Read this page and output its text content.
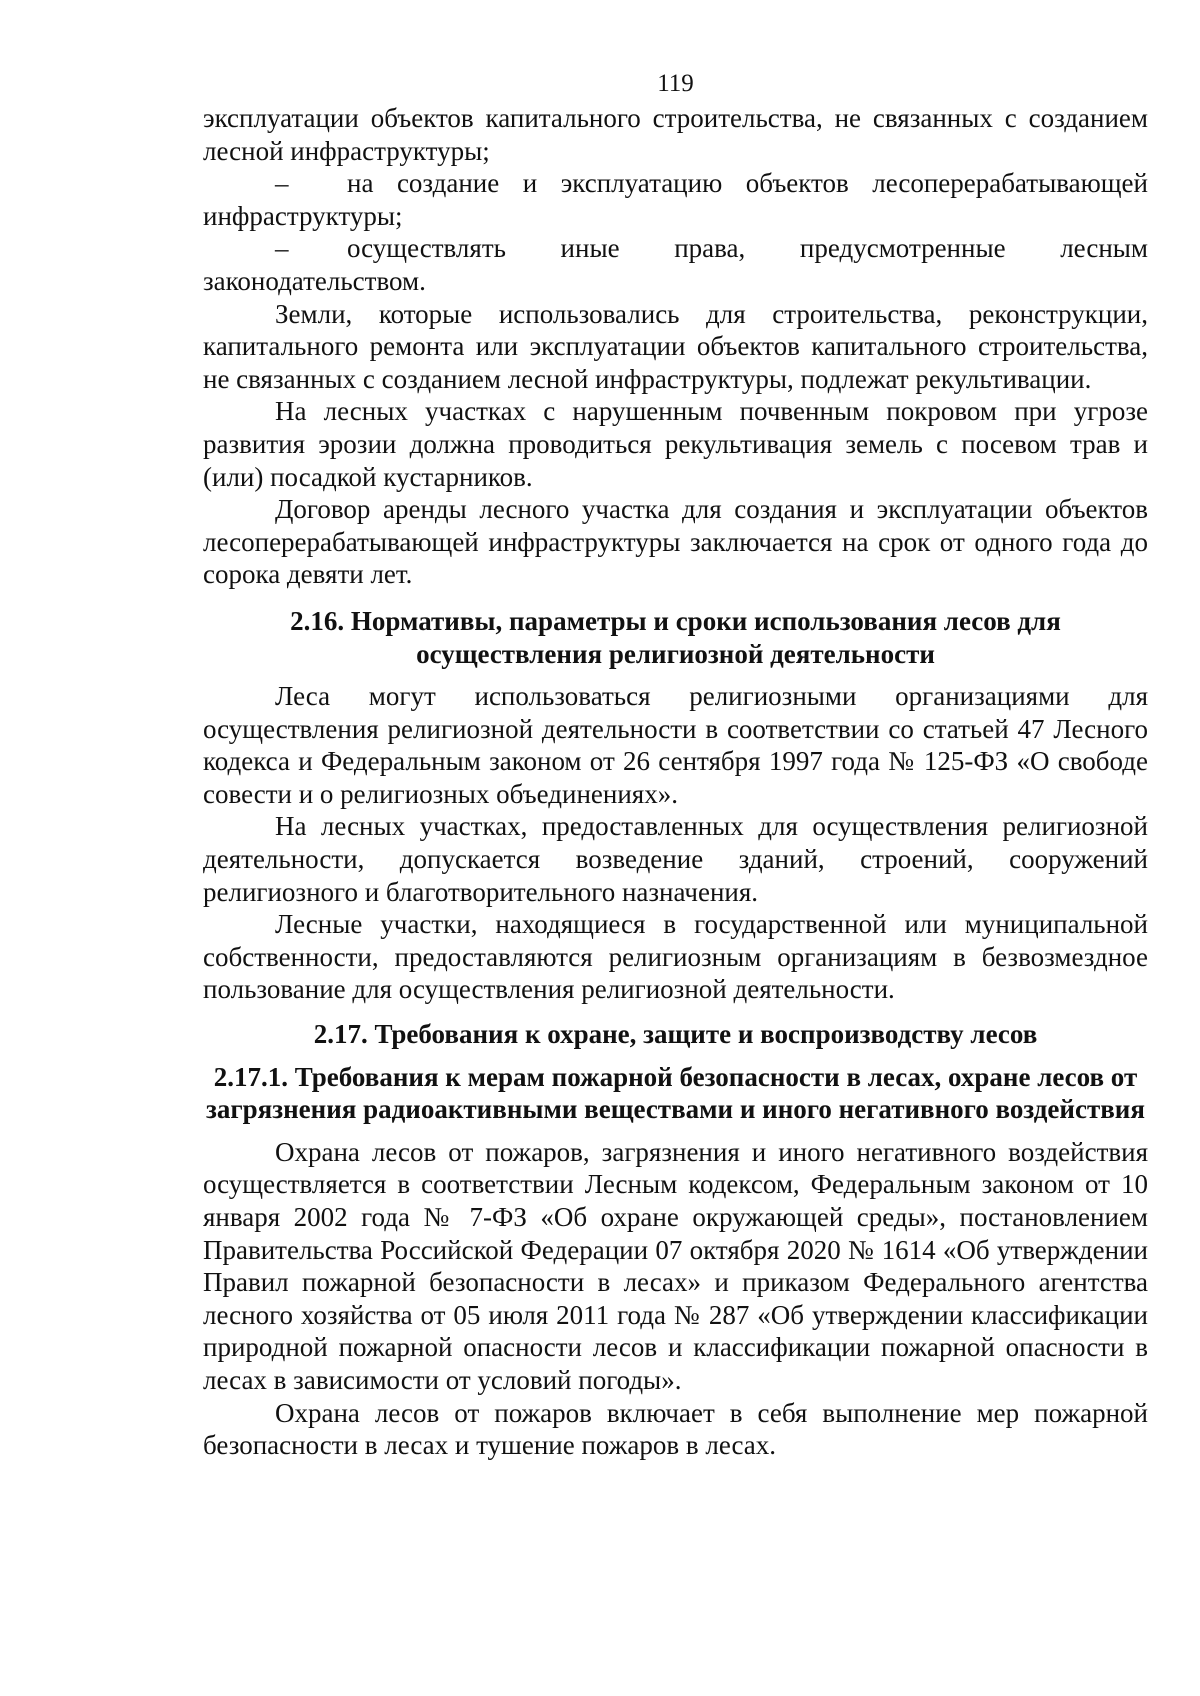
119

эксплуатации объектов капитального строительства, не связанных с созданием лесной инфраструктуры;

– на создание и эксплуатацию объектов лесоперерабатывающей инфраструктуры;

– осуществлять иные права, предусмотренные лесным законодательством.

Земли, которые использовались для строительства, реконструкции, капитального ремонта или эксплуатации объектов капитального строительства, не связанных с созданием лесной инфраструктуры, подлежат рекультивации.

На лесных участках с нарушенным почвенным покровом при угрозе развития эрозии должна проводиться рекультивация земель с посевом трав и (или) посадкой кустарников.

Договор аренды лесного участка для создания и эксплуатации объектов лесоперерабатывающей инфраструктуры заключается на срок от одного года до сорока девяти лет.

2.16. Нормативы, параметры и сроки использования лесов для осуществления религиозной деятельности

Леса могут использоваться религиозными организациями для осуществления религиозной деятельности в соответствии со статьей 47 Лесного кодекса и Федеральным законом от 26 сентября 1997 года № 125-ФЗ «О свободе совести и о религиозных объединениях».

На лесных участках, предоставленных для осуществления религиозной деятельности, допускается возведение зданий, строений, сооружений религиозного и благотворительного назначения.

Лесные участки, находящиеся в государственной или муниципальной собственности, предоставляются религиозным организациям в безвозмездное пользование для осуществления религиозной деятельности.

2.17. Требования к охране, защите и воспроизводству лесов
2.17.1. Требования к мерам пожарной безопасности в лесах, охране лесов от загрязнения радиоактивными веществами и иного негативного воздействия

Охрана лесов от пожаров, загрязнения и иного негативного воздействия осуществляется в соответствии Лесным кодексом, Федеральным законом от 10 января 2002 года № 7-ФЗ «Об охране окружающей среды», постановлением Правительства Российской Федерации 07 октября 2020 № 1614 «Об утверждении Правил пожарной безопасности в лесах» и приказом Федерального агентства лесного хозяйства от 05 июля 2011 года № 287 «Об утверждении классификации природной пожарной опасности лесов и классификации пожарной опасности в лесах в зависимости от условий погоды».

Охрана лесов от пожаров включает в себя выполнение мер пожарной безопасности в лесах и тушение пожаров в лесах.
